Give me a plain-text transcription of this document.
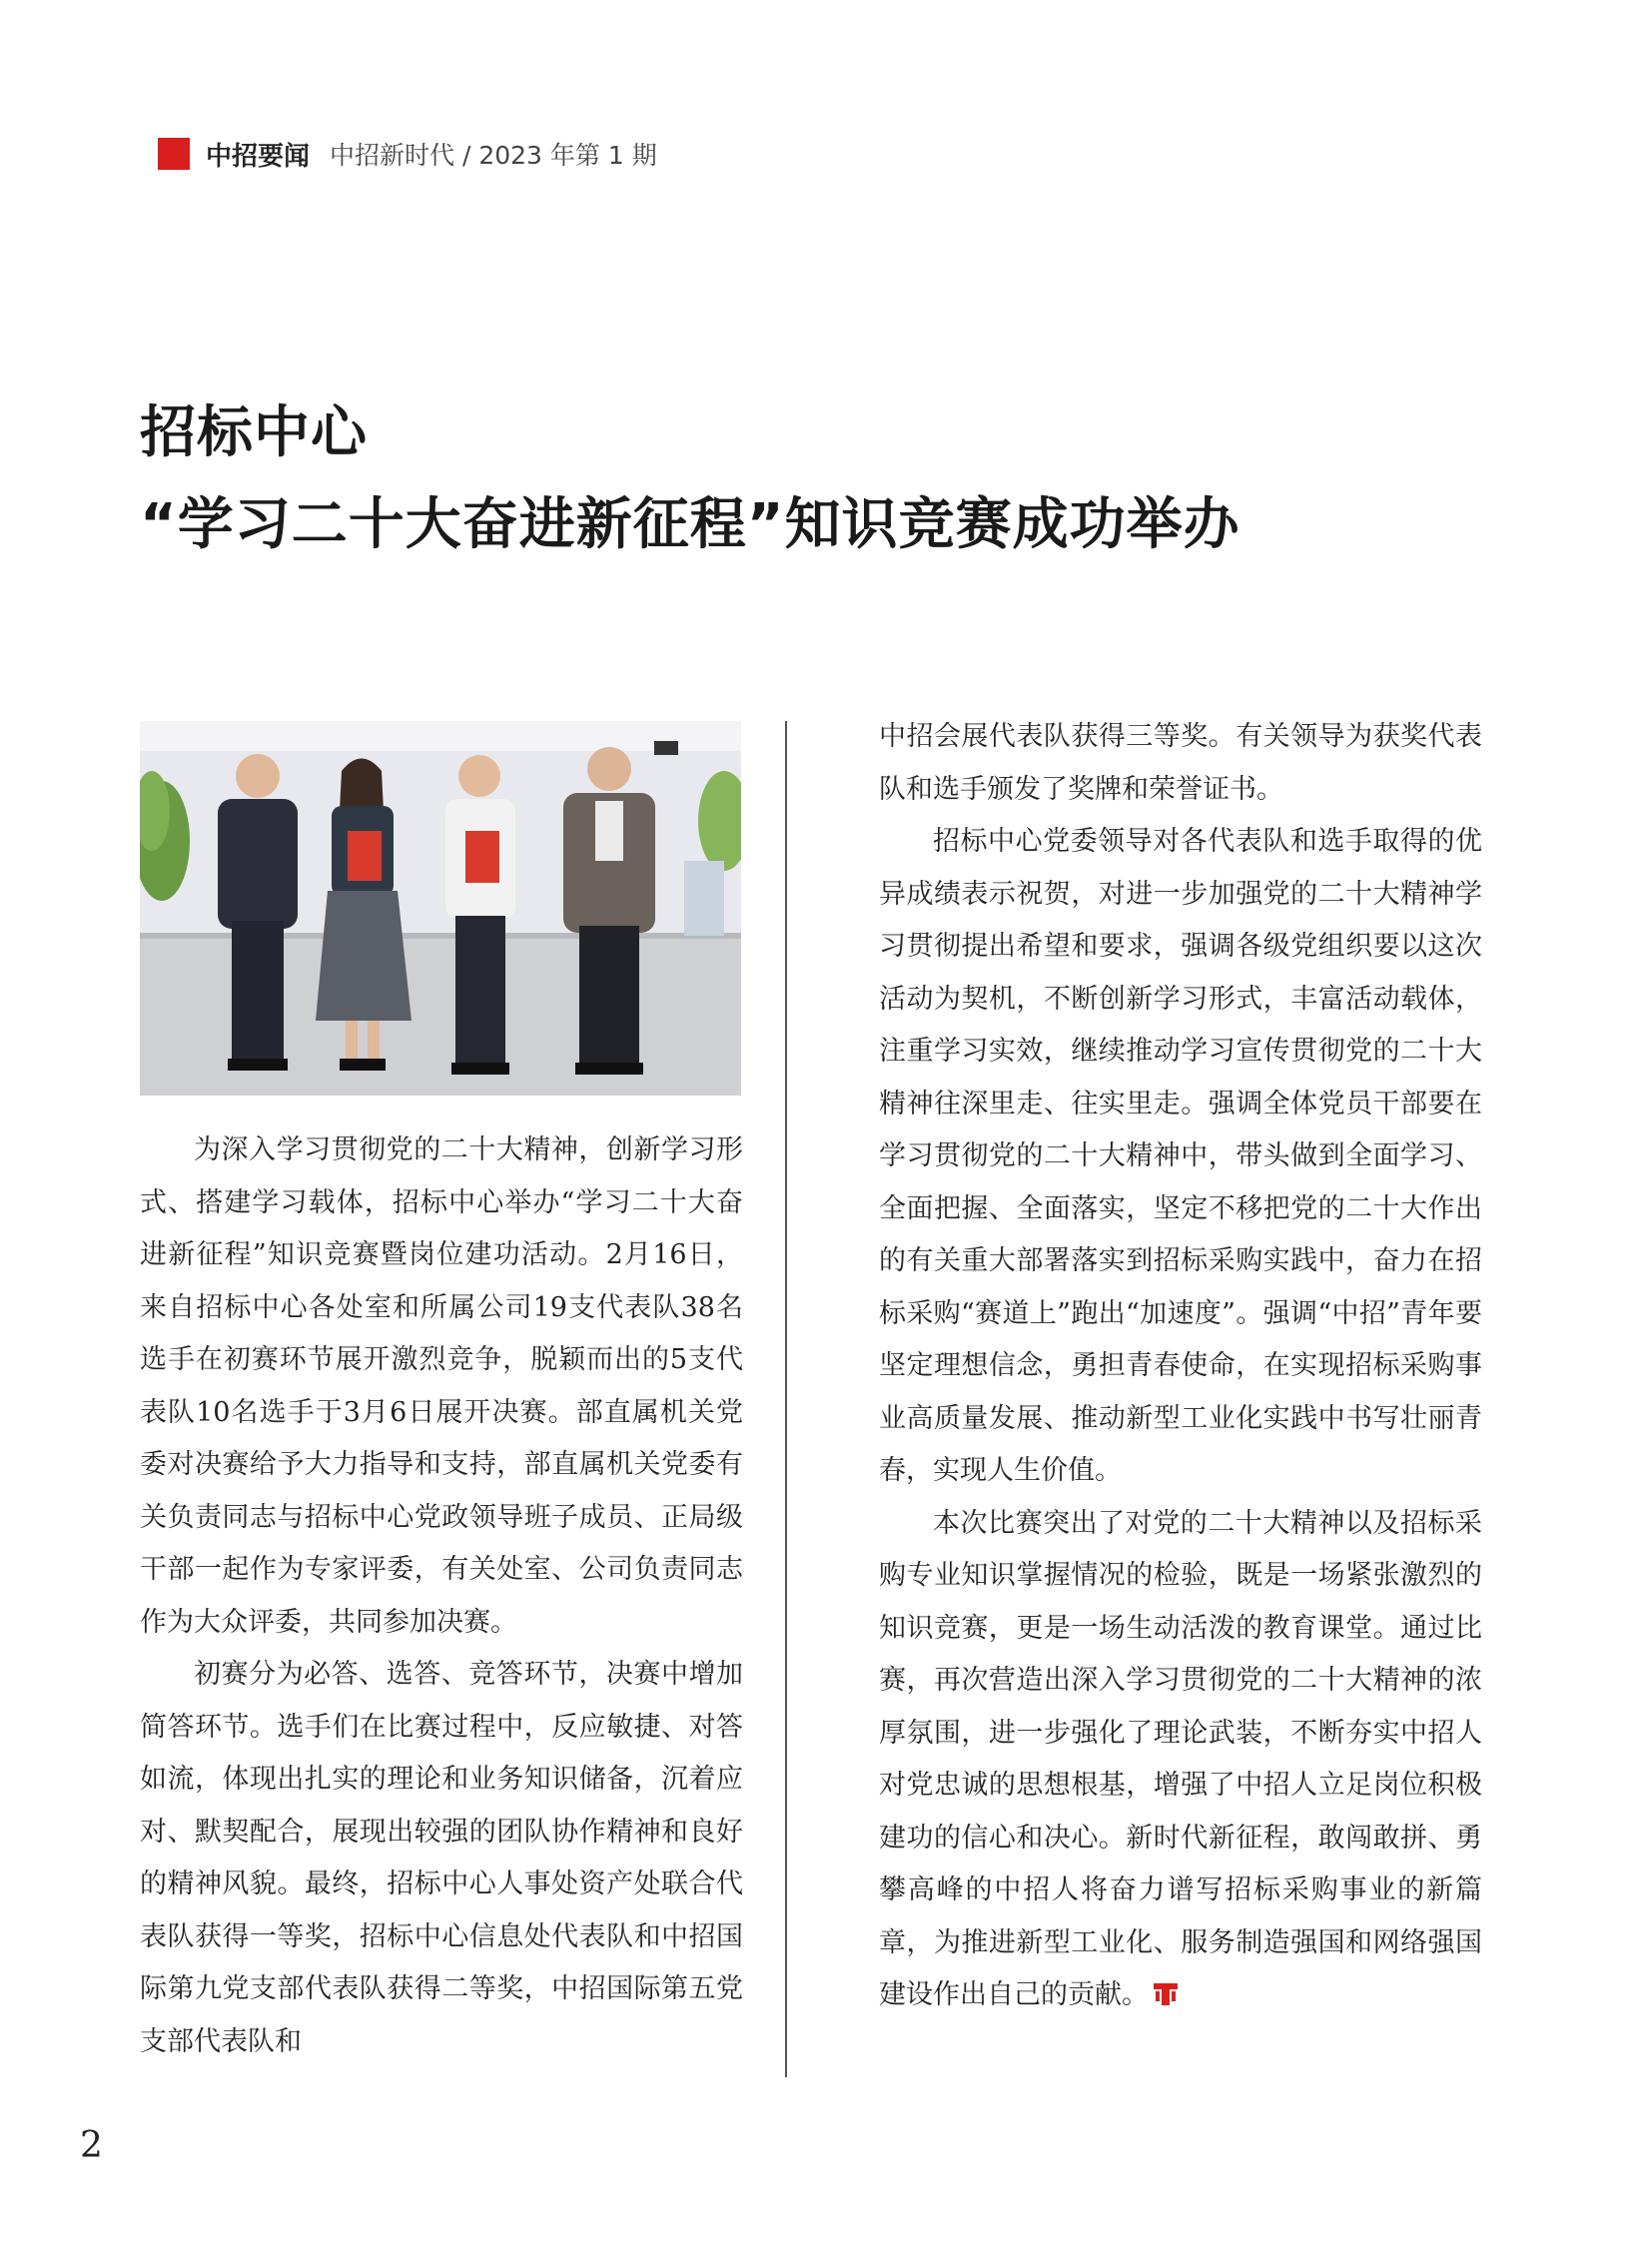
中招要闻 中招新时代 / 2023 年第 1 期
招标中心
“学习二十大奋进新征程”知识竞赛成功举办

为深入学习贯彻党的二十大精神，创新学习形式、搭建学习载体，招标中心举办“学习二十大奋进新征程”知识竞赛暨岗位建功活动。2月16日，来自招标中心各处室和所属公司19支代表队38名选手在初赛环节展开激烈竞争，脱颖而出的5支代表队10名选手于3月6日展开决赛。部直属机关党委对决赛给予大力指导和支持，部直属机关党委有关负责同志与招标中心党政领导班子成员、正局级干部一起作为专家评委，有关处室、公司负责同志作为大众评委，共同参加决赛。

初赛分为必答、选答、竞答环节，决赛中增加简答环节。选手们在比赛过程中，反应敏捷、对答如流，体现出扎实的理论和业务知识储备，沉着应对、默契配合，展现出较强的团队协作精神和良好的精神风貌。最终，招标中心人事处资产处联合代表队获得一等奖，招标中心信息处代表队和中招国际第九党支部代表队获得二等奖，中招国际第五党支部代表队和

中招会展代表队获得三等奖。有关领导为获奖代表队和选手颁发了奖牌和荣誉证书。

招标中心党委领导对各代表队和选手取得的优异成绩表示祝贺，对进一步加强党的二十大精神学习贯彻提出希望和要求，强调各级党组织要以这次活动为契机，不断创新学习形式，丰富活动载体，注重学习实效，继续推动学习宣传贯彻党的二十大精神往深里走、往实里走。强调全体党员干部要在学习贯彻党的二十大精神中，带头做到全面学习、全面把握、全面落实，坚定不移把党的二十大作出的有关重大部署落实到招标采购实践中，奋力在招标采购“赛道上”跑出“加速度”。强调“中招”青年要坚定理想信念，勇担青春使命，在实现招标采购事业高质量发展、推动新型工业化实践中书写壮丽青春，实现人生价值。

本次比赛突出了对党的二十大精神以及招标采购专业知识掌握情况的检验，既是一场紧张激烈的知识竞赛，更是一场生动活泼的教育课堂。通过比赛，再次营造出深入学习贯彻党的二十大精神的浓厚氛围，进一步强化了理论武装，不断夯实中招人对党忠诚的思想根基，增强了中招人立足岗位积极建功的信心和决心。新时代新征程，敢闯敢拼、勇攀高峰的中招人将奋力谱写招标采购事业的新篇章，为推进新型工业化、服务制造强国和网络强国建设作出自己的贡献。

2
